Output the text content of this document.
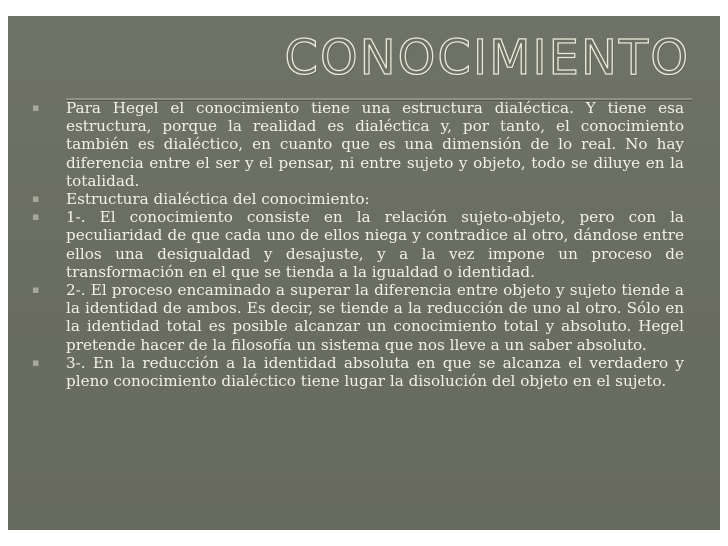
CONOCIMIENTO
▪	Para Hegel el conocimiento tiene una estructura dialéctica. Y tiene esa estructura, porque la realidad es dialéctica y, por tanto, el conocimiento también es dialéctico, en cuanto que es una dimensión de lo real. No hay diferencia entre el ser y el pensar, ni entre sujeto y objeto, todo se diluye en la totalidad.
▪	Estructura dialéctica del conocimiento:
▪	1-. El conocimiento consiste en la relación sujeto-objeto, pero con la peculiaridad de que cada uno de ellos niega y contradice al otro, dándose entre ellos una desigualdad y desajuste, y a la vez impone un proceso de transformación en el que se tienda a la igualdad o identidad.
▪	2-. El proceso encaminado a superar la diferencia entre objeto y sujeto tiende a la identidad de ambos. Es decir, se tiende a la reducción de uno al otro. Sólo en la identidad total es posible alcanzar un conocimiento total y absoluto. Hegel pretende hacer de la filosofía un sistema que nos lleve a un saber absoluto.
▪	3-. En la reducción a la identidad absoluta en que se alcanza el verdadero y pleno conocimiento dialéctico tiene lugar la disolución del objeto en el sujeto.
